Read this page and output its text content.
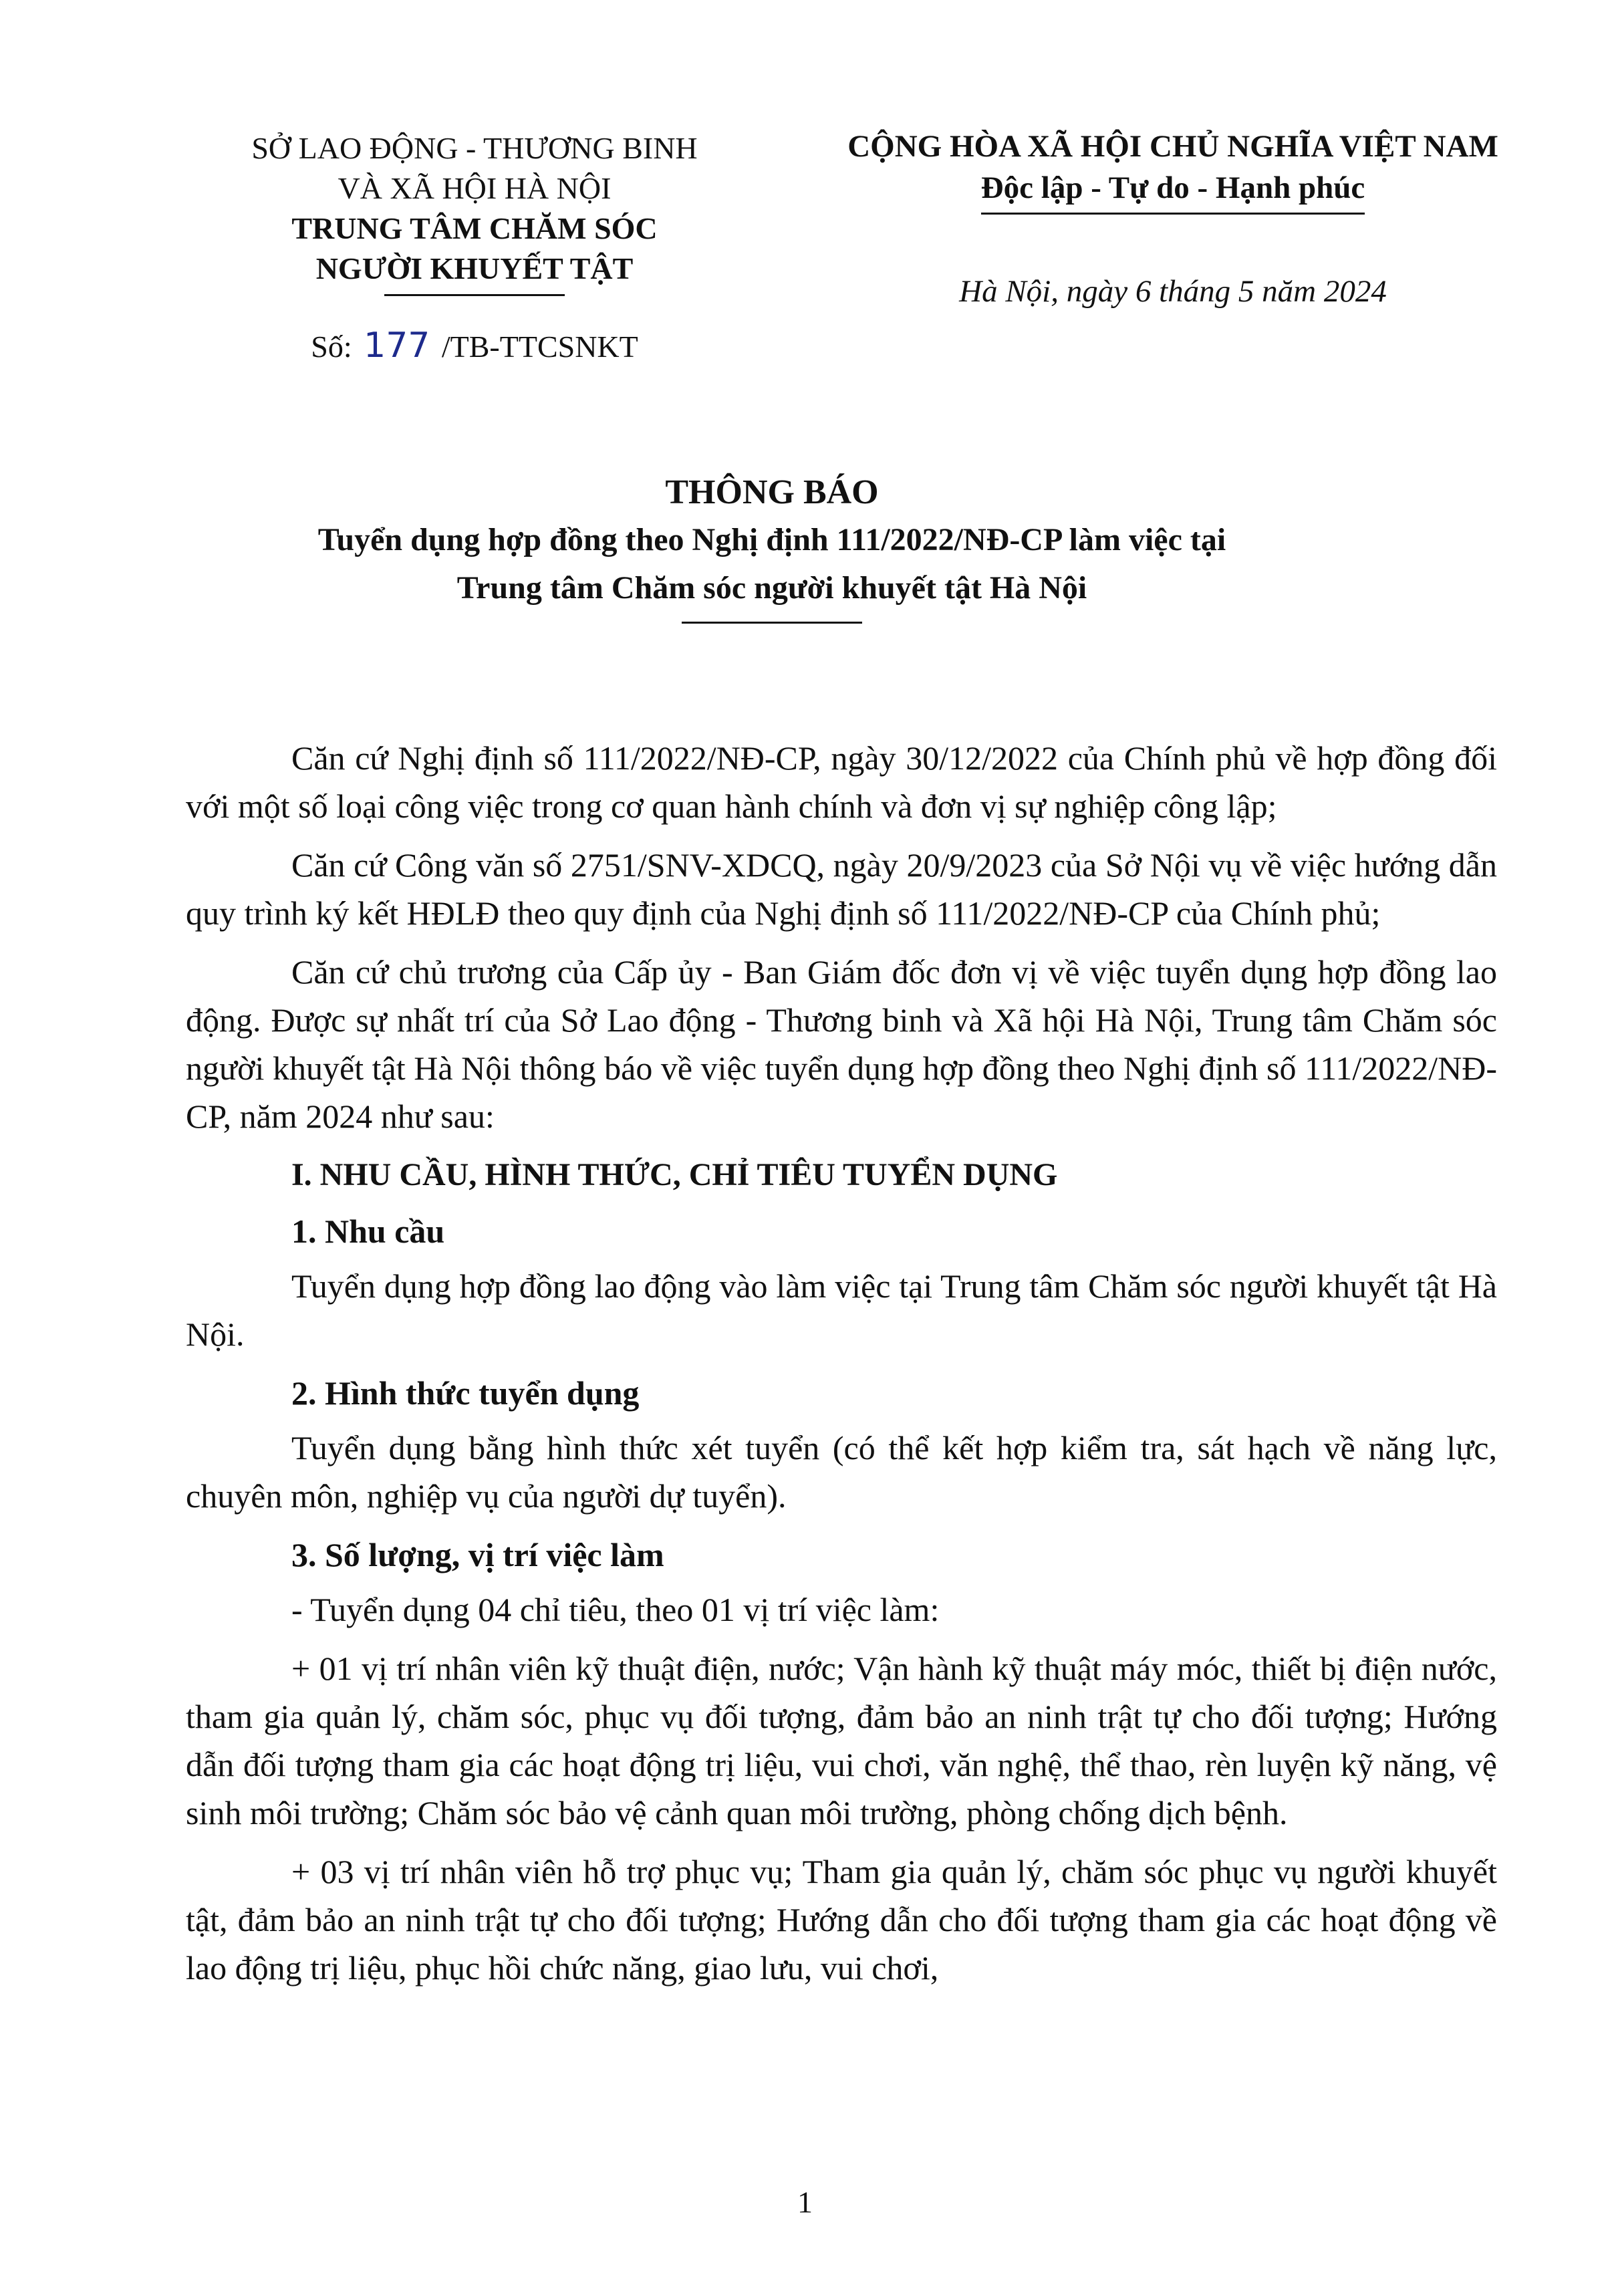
SỞ LAO ĐỘNG - THƯƠNG BINH
VÀ XÃ HỘI HÀ NỘI
TRUNG TÂM CHĂM SÓC
NGƯỜI KHUYẾT TẬT
Số: 177 /TB-TTCSNKT
CỘNG HÒA XÃ HỘI CHỦ NGHĨA VIỆT NAM
Độc lập - Tự do - Hạnh phúc
Hà Nội, ngày 6 tháng 5 năm 2024
THÔNG BÁO
Tuyển dụng hợp đồng theo Nghị định 111/2022/NĐ-CP làm việc tại
Trung tâm Chăm sóc người khuyết tật Hà Nội

Căn cứ Nghị định số 111/2022/NĐ-CP, ngày 30/12/2022 của Chính phủ về hợp đồng đối với một số loại công việc trong cơ quan hành chính và đơn vị sự nghiệp công lập;

Căn cứ Công văn số 2751/SNV-XDCQ, ngày 20/9/2023 của Sở Nội vụ về việc hướng dẫn quy trình ký kết HĐLĐ theo quy định của Nghị định số 111/2022/NĐ-CP của Chính phủ;

Căn cứ chủ trương của Cấp ủy - Ban Giám đốc đơn vị về việc tuyển dụng hợp đồng lao động. Được sự nhất trí của Sở Lao động - Thương binh và Xã hội Hà Nội, Trung tâm Chăm sóc người khuyết tật Hà Nội thông báo về việc tuyển dụng hợp đồng theo Nghị định số 111/2022/NĐ-CP, năm 2024 như sau:

I. NHU CẦU, HÌNH THỨC, CHỈ TIÊU TUYỂN DỤNG
1. Nhu cầu

Tuyển dụng hợp đồng lao động vào làm việc tại Trung tâm Chăm sóc người khuyết tật Hà Nội.

2. Hình thức tuyển dụng

Tuyển dụng bằng hình thức xét tuyển (có thể kết hợp kiểm tra, sát hạch về năng lực, chuyên môn, nghiệp vụ của người dự tuyển).

3. Số lượng, vị trí việc làm

- Tuyển dụng 04 chỉ tiêu, theo 01 vị trí việc làm:

+ 01 vị trí nhân viên kỹ thuật điện, nước; Vận hành kỹ thuật máy móc, thiết bị điện nước, tham gia quản lý, chăm sóc, phục vụ đối tượng, đảm bảo an ninh trật tự cho đối tượng; Hướng dẫn đối tượng tham gia các hoạt động trị liệu, vui chơi, văn nghệ, thể thao, rèn luyện kỹ năng, vệ sinh môi trường; Chăm sóc bảo vệ cảnh quan môi trường, phòng chống dịch bệnh.

+ 03 vị trí nhân viên hỗ trợ phục vụ; Tham gia quản lý, chăm sóc phục vụ người khuyết tật, đảm bảo an ninh trật tự cho đối tượng; Hướng dẫn cho đối tượng tham gia các hoạt động về lao động trị liệu, phục hồi chức năng, giao lưu, vui chơi,

1
